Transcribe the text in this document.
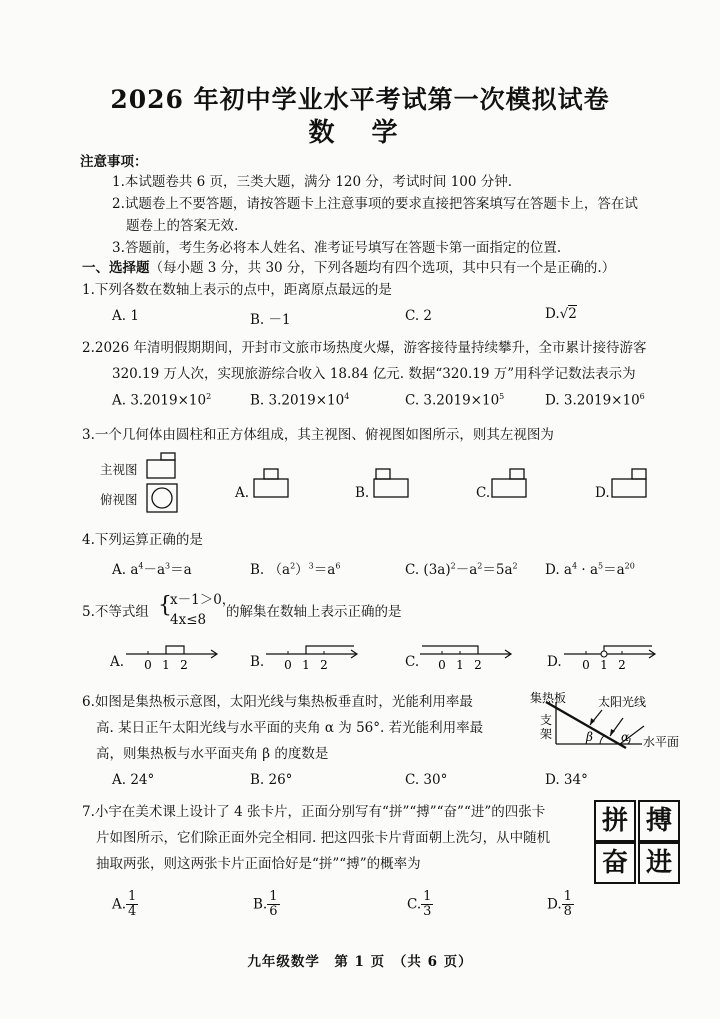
2026 年初中学业水平考试第一次模拟试卷
数 学
注意事项：
1.本试题卷共 6 页，三类大题，满分 120 分，考试时间 100 分钟.
2.试题卷上不要答题，请按答题卡上注意事项的要求直接把答案填写在答题卡上，答在试
题卷上的答案无效.
3.答题前，考生务必将本人姓名、准考证号填写在答题卡第一面指定的位置.
一、选择题（每小题 3 分，共 30 分，下列各题均有四个选项，其中只有一个是正确的.）
1.下列各数在数轴上表示的点中，距离原点最远的是
A. 1	B. －1	C. 2	D.√2
2.2026 年清明假期期间，开封市文旅市场热度火爆，游客接待量持续攀升，全市累计接待游客
320.19 万人次，实现旅游综合收入 18.84 亿元. 数据“320.19 万”用科学记数法表示为
A. $3.2019\times 10^2$	B. $3.2019\times 10^4$	C. $3.2019\times 10^5$	D. $3.2019\times 10^6$
3.一个几何体由圆柱和正方体组成，其主视图、俯视图如图所示，则其左视图为
主视图
俯视图	A.	B.	C.	D.
4.下列运算正确的是
A. $a^4-a^3=a$	B. $(a^2)^3=a^6$	C. $(3a)^2-a^2=5a^2$ D. $a^4 \cdot a^5=a^{20}$
5.不等式组 {
x－1＞0，
4x≤8 的解集在数轴上表示正确的是
A. 0 1 2	B. 0 1 2	C. 0 1 2	D. 0 1 2
6.如图是集热板示意图，太阳光线与集热板垂直时，光能利用率最
高. 某日正午太阳光线与水平面的夹角 α 为 56°. 若光能利用率最
高，则集热板与水平面夹角 β 的度数是
A. 24°	B. 26°	C. 30°	D. 34°
集热板	太阳光线
支
架	β α 水平面
7.小宇在美术课上设计了 4 张卡片，正面分别写有“拼”“搏”“奋”“进”的四张卡
片如图所示，它们除正面外完全相同. 把这四张卡片背面朝上洗匀，从中随机
抽取两张，则这两张卡片正面恰好是“拼”“搏”的概率为
拼 搏
奋 进
A. $\frac{1}{4}$	B. $\frac{1}{6}$	C. $\frac{1}{3}$	D. $\frac{1}{8}$
九年级数学　第 1 页　（共 6 页）
